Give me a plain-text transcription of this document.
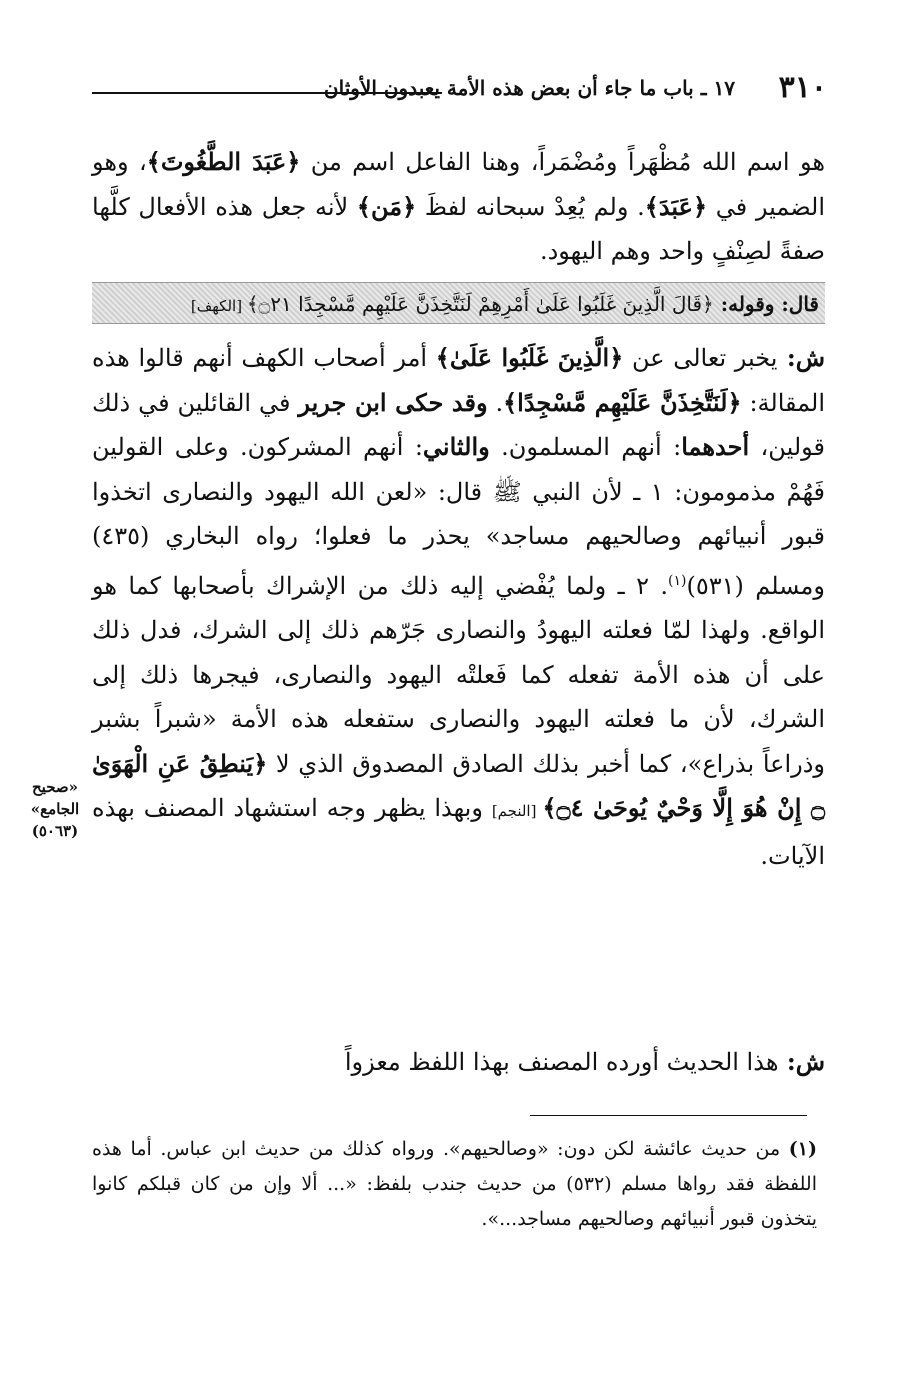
٣١٠
١٧ ـ باب ما جاء أن بعض هذه الأمة يعبدون الأوثان
هو اسم الله مُظْهَراً ومُضْمَراً، وهنا الفاعل اسم من ﴿عَبَدَ الطَّغُوتَ﴾، وهو الضمير في ﴿عَبَدَ﴾. ولم يُعِدْ سبحانه لفظَ ﴿مَن﴾ لأنه جعل هذه الأفعال كلَّها صفةً لصِنْفٍ واحد وهم اليهود.
قال: وقوله: ﴿قَالَ الَّذِينَ غَلَبُوا عَلَىٰ أَمْرِهِمْ لَنَتَّخِذَنَّ عَلَيْهِم مَّسْجِدًا ۝٢١﴾ [الكهف]
ش: يخبر تعالى عن ﴿الَّذِينَ غَلَبُوا عَلَىٰ﴾ أمر أصحاب الكهف أنهم قالوا هذه المقالة: ﴿لَنَتَّخِذَنَّ عَلَيْهِم مَّسْجِدًا﴾. وقد حكى ابن جرير في القائلين في ذلك قولين، أحدهما: أنهم المسلمون. والثاني: أنهم المشركون. وعلى القولين فَهُمْ مذمومون: ١ ـ لأن النبي ﷺ قال: «لعن الله اليهود والنصارى اتخذوا قبور أنبيائهم وصالحيهم مساجد» يحذر ما فعلوا؛ رواه البخاري (٤٣٥) ومسلم (٥٣١)$^{(١)}$. ٢ ـ ولما يُفْضي إليه ذلك من الإشراك بأصحابها كما هو الواقع. ولهذا لمّا فعلته اليهودُ والنصارى جَرّهم ذلك إلى الشرك، فدل ذلك على أن هذه الأمة تفعله كما فَعلتْه اليهود والنصارى، فيجرها ذلك إلى الشرك، لأن ما فعلته اليهود والنصارى ستفعله هذه الأمة «شبراً بشبر وذراعاً بذراع»، كما أخبر بذلك الصادق المصدوق الذي لا ﴿يَنطِقُ عَنِ الْهَوَىٰ ۝ إِنْ هُوَ إِلَّا وَحْيٌ يُوحَىٰ ۝٤﴾ [النجم] وبهذا يظهر وجه استشهاد المصنف بهذه الآيات.
«صحيح الجامع» (٥٠٦٣)
ش: هذا الحديث أورده المصنف بهذا اللفظ معزواً
(١) من حديث عائشة لكن دون: «وصالحيهم». ورواه كذلك من حديث ابن عباس. أما هذه اللفظة فقد رواها مسلم (٥٣٢) من حديث جندب بلفظ: «... ألا وإن من كان قبلكم كانوا يتخذون قبور أنبيائهم وصالحيهم مساجد...».
